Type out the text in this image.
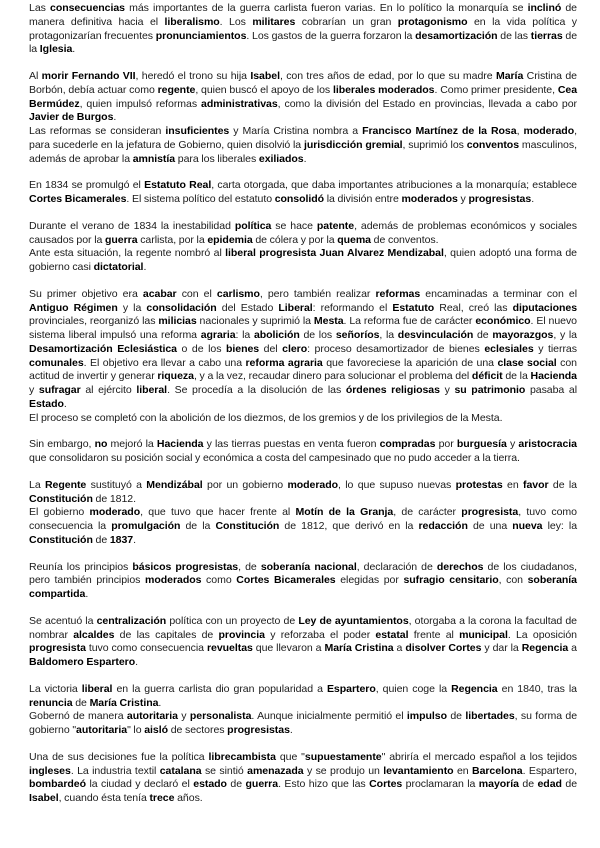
Las consecuencias más importantes de la guerra carlista fueron varias. En lo político la monarquía se inclinó de manera definitiva hacia el liberalismo. Los militares cobrarían un gran protagonismo en la vida política y protagonizarían frecuentes pronunciamientos. Los gastos de la guerra forzaron la desamortización de las tierras de la Iglesia.

Al morir Fernando VII, heredó el trono su hija Isabel, con tres años de edad, por lo que su madre María Cristina de Borbón, debía actuar como regente, quien buscó el apoyo de los liberales moderados. Como primer presidente, Cea Bermúdez, quien impulsó reformas administrativas, como la división del Estado en provincias, llevada a cabo por Javier de Burgos.
Las reformas se consideran insuficientes y María Cristina nombra a Francisco Martínez de la Rosa, moderado, para sucederle en la jefatura de Gobierno, quien disolvió la jurisdicción gremial, suprimió los conventos masculinos, además de aprobar la amnistía para los liberales exiliados.

En 1834 se promulgó el Estatuto Real, carta otorgada, que daba importantes atribuciones a la monarquía; establece Cortes Bicamerales. El sistema político del estatuto consolidó la división entre moderados y progresistas.

Durante el verano de 1834 la inestabilidad política se hace patente, además de problemas económicos y sociales causados por la guerra carlista, por la epidemia de cólera y por la quema de conventos.
Ante esta situación, la regente nombró al liberal progresista Juan Alvarez Mendizabal, quien adoptó una forma de gobierno casi dictatorial.

Su primer objetivo era acabar con el carlismo, pero también realizar reformas encaminadas a terminar con el Antiguo Régimen y la consolidación del Estado Liberal: reformando el Estatuto Real, creó las diputaciones provinciales, reorganizó las milicias nacionales y suprimió la Mesta. La reforma fue de carácter económico. El nuevo sistema liberal impulsó una reforma agraria: la abolición de los señoríos, la desvinculación de mayorazgos, y la Desamortización Eclesiástica o de los bienes del clero: proceso desamortizador de bienes eclesiales y tierras comunales. El objetivo era llevar a cabo una reforma agraria que favoreciese la aparición de una clase social con actitud de invertir y generar riqueza, y a la vez, recaudar dinero para solucionar el problema del déficit de la Hacienda y sufragar al ejército liberal. Se procedía a la disolución de las órdenes religiosas y su patrimonio pasaba al Estado.
El proceso se completó con la abolición de los diezmos, de los gremios y de los privilegios de la Mesta.

Sin embargo, no mejoró la Hacienda y las tierras puestas en venta fueron compradas por burguesía y aristocracia que consolidaron su posición social y económica a costa del campesinado que no pudo acceder a la tierra.

La Regente sustituyó a Mendizábal por un gobierno moderado, lo que supuso nuevas protestas en favor de la Constitución de 1812.
El gobierno moderado, que tuvo que hacer frente al Motín de la Granja, de carácter progresista, tuvo como consecuencia la promulgación de la Constitución de 1812, que derivó en la redacción de una nueva ley: la Constitución de 1837.

Reunía los principios básicos progresistas, de soberanía nacional, declaración de derechos de los ciudadanos, pero también principios moderados como Cortes Bicamerales elegidas por sufragio censitario, con soberanía compartida.

Se acentuó la centralización política con un proyecto de Ley de ayuntamientos, otorgaba a la corona la facultad de nombrar alcaldes de las capitales de provincia y reforzaba el poder estatal frente al municipal. La oposición progresista tuvo como consecuencia revueltas que llevaron a María Cristina a disolver Cortes y dar la Regencia a Baldomero Espartero.

La victoria liberal en la guerra carlista dio gran popularidad a Espartero, quien coge la Regencia en 1840, tras la renuncia de María Cristina.
Gobernó de manera autoritaria y personalista. Aunque inicialmente permitió el impulso de libertades, su forma de gobierno "autoritaria" lo aisló de sectores progresistas.

Una de sus decisiones fue la política librecambista que "supuestamente" abriría el mercado español a los tejidos ingleses. La industria textil catalana se sintió amenazada y se produjo un levantamiento en Barcelona. Espartero, bombardeó la ciudad y declaró el estado de guerra. Esto hizo que las Cortes proclamaran la mayoría de edad de Isabel, cuando ésta tenía trece años.
